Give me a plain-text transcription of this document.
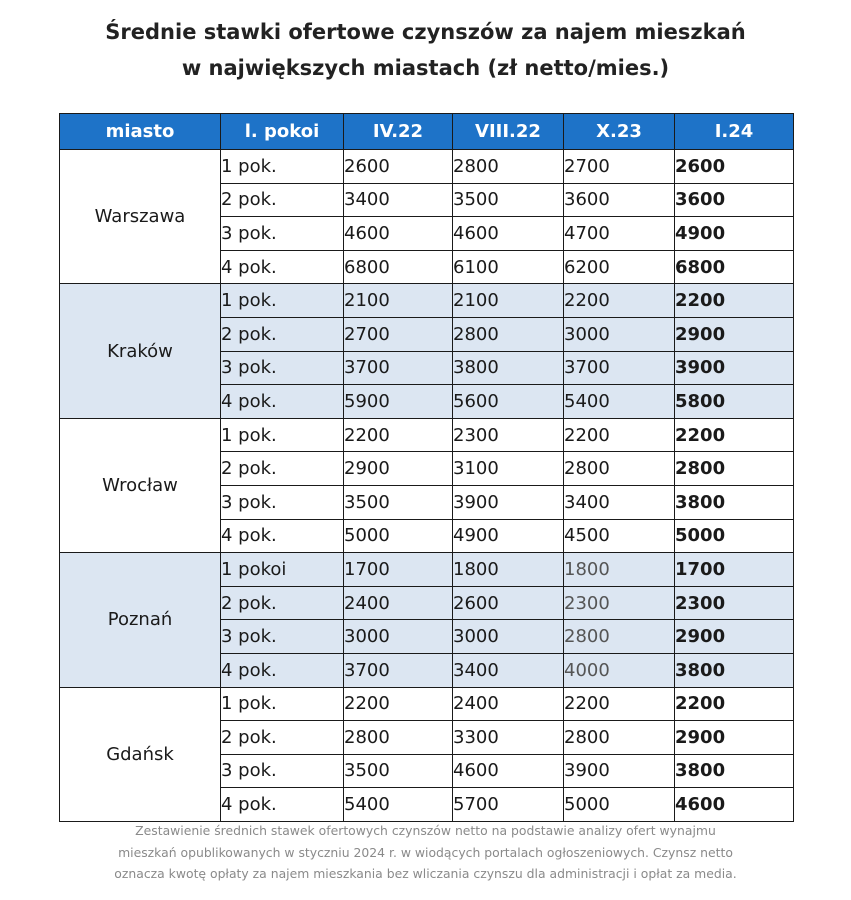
Średnie stawki ofertowe czynszów za najem mieszkań
w największych miastach (zł netto/mies.)
miasto	l. pokoi	IV.22	VIII.22	X.23	I.24
Warszawa	1 pok.	2600	2800	2700	2600
	2 pok.	3400	3500	3600	3600
	3 pok.	4600	4600	4700	4900
	4 pok.	6800	6100	6200	6800
Kraków	1 pok.	2100	2100	2200	2200
	2 pok.	2700	2800	3000	2900
	3 pok.	3700	3800	3700	3900
	4 pok.	5900	5600	5400	5800
Wrocław	1 pok.	2200	2300	2200	2200
	2 pok.	2900	3100	2800	2800
	3 pok.	3500	3900	3400	3800
	4 pok.	5000	4900	4500	5000
Poznań	1 pokoi	1700	1800	1800	1700
	2 pok.	2400	2600	2300	2300
	3 pok.	3000	3000	2800	2900
	4 pok.	3700	3400	4000	3800
Gdańsk	1 pok.	2200	2400	2200	2200
	2 pok.	2800	3300	2800	2900
	3 pok.	3500	4600	3900	3800
	4 pok.	5400	5700	5000	4600
Zestawienie średnich stawek ofertowych czynszów netto na podstawie analizy ofert wynajmu
mieszkań opublikowanych w styczniu 2024 r. w wiodących portalach ogłoszeniowych. Czynsz netto
oznacza kwotę opłaty za najem mieszkania bez wliczania czynszu dla administracji i opłat za media.
